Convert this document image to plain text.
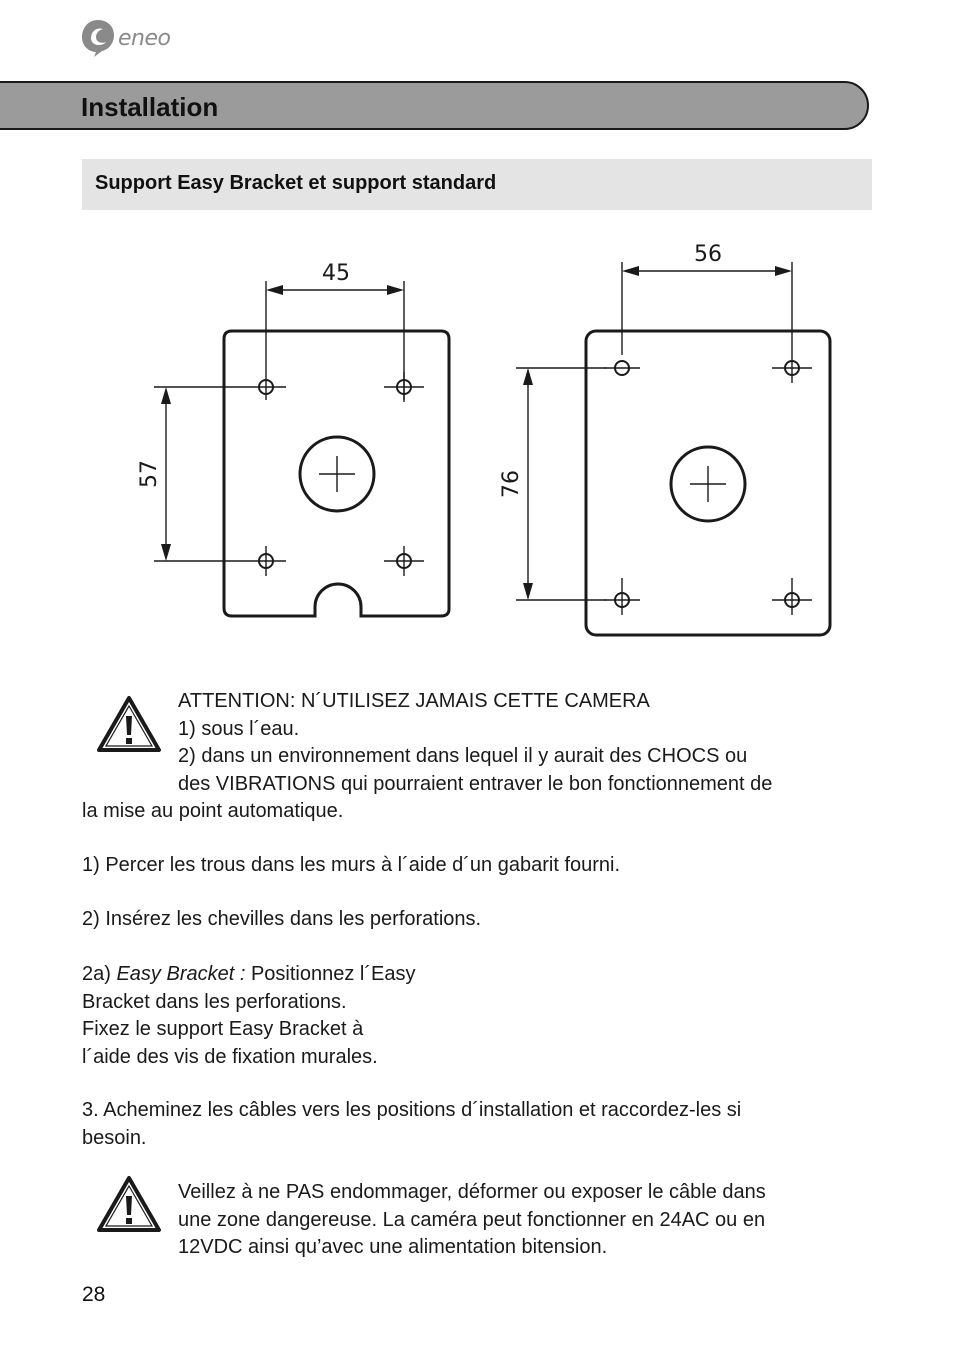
eneo
Installation
Support Easy Bracket et support standard
45
57
56
76
ATTENTION: N´UTILISEZ JAMAIS CETTE CAMERA
1) sous l´eau.
2) dans un environnement dans lequel il y aurait des CHOCS ou
des VIBRATIONS qui pourraient entraver le bon fonctionnement de
la mise au point automatique.
1) Percer les trous dans les murs à l´aide d´un gabarit fourni.
2) Insérez les chevilles dans les perforations.
2a) Easy Bracket : Positionnez l´Easy
Bracket dans les perforations.
Fixez le support Easy Bracket à
l´aide des vis de fixation murales.
3. Acheminez les câbles vers les positions d´installation et raccordez-les si
besoin.
Veillez à ne PAS endommager, déformer ou exposer le câble dans
une zone dangereuse. La caméra peut fonctionner en 24AC ou en
12VDC ainsi qu’avec une alimentation bitension.
28
